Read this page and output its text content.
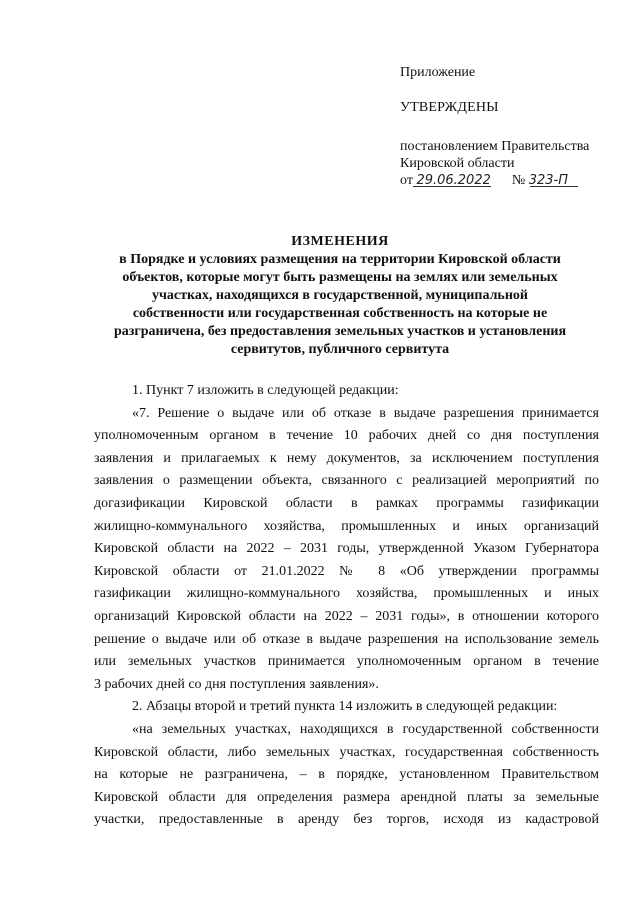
Приложение
УТВЕРЖДЕНЫ
постановлением Правительства
Кировской области
от 29.06.2022 № 323-П
ИЗМЕНЕНИЯ
в Порядке и условиях размещения на территории Кировской области
объектов, которые могут быть размещены на землях или земельных
участках, находящихся в государственной, муниципальной
собственности или государственная собственность на которые не
разграничена, без предоставления земельных участков и установления
сервитутов, публичного сервитута
1. Пункт 7 изложить в следующей редакции:
«7. Решение о выдаче или об отказе в выдаче разрешения принимается
уполномоченным органом в течение 10 рабочих дней со дня поступления
заявления и прилагаемых к нему документов, за исключением поступления
заявления о размещении объекта, связанного с реализацией мероприятий по
догазификации Кировской области в рамках программы газификации
жилищно-коммунального хозяйства, промышленных и иных организаций
Кировской области на 2022 – 2031 годы, утвержденной Указом Губернатора
Кировской области от 21.01.2022 № 8 «Об утверждении программы
газификации жилищно-коммунального хозяйства, промышленных и иных
организаций Кировской области на 2022 – 2031 годы», в отношении которого
решение о выдаче или об отказе в выдаче разрешения на использование земель
или земельных участков принимается уполномоченным органом в течение
3 рабочих дней со дня поступления заявления».
2. Абзацы второй и третий пункта 14 изложить в следующей редакции:
«на земельных участках, находящихся в государственной собственности
Кировской области, либо земельных участках, государственная собственность
на которые не разграничена, – в порядке, установленном Правительством
Кировской области для определения размера арендной платы за земельные
участки, предоставленные в аренду без торгов, исходя из кадастровой
